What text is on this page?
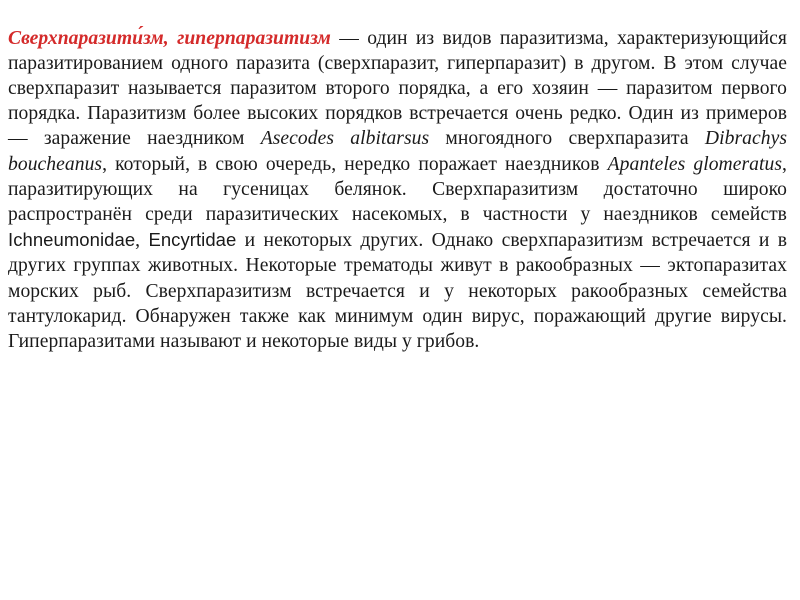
Сверхпаразити́зм, гиперпаразитизм — один из видов паразитизма, характеризующийся паразитированием одного паразита (сверхпаразит, гиперпаразит) в другом. В этом случае сверхпаразит называется паразитом второго порядка, а его хозяин — паразитом первого порядка. Паразитизм более высоких порядков встречается очень редко. Один из примеров — заражение наездником Asecodes albitarsus многоядного сверхпаразита Dibrachys boucheanus, который, в свою очередь, нередко поражает наездников Apanteles glomeratus, паразитирующих на гусеницах белянок. Сверхпаразитизм достаточно широко распространён среди паразитических насекомых, в частности у наездников семейств Ichneumonidae, Encyrtidae и некоторых других. Однако сверхпаразитизм встречается и в других группах животных. Некоторые трематоды живут в ракообразных — эктопаразитах морских рыб. Сверхпаразитизм встречается и у некоторых ракообразных семейства тантулокарид. Обнаружен также как минимум один вирус, поражающий другие вирусы. Гиперпаразитами называют и некоторые виды у грибов.
